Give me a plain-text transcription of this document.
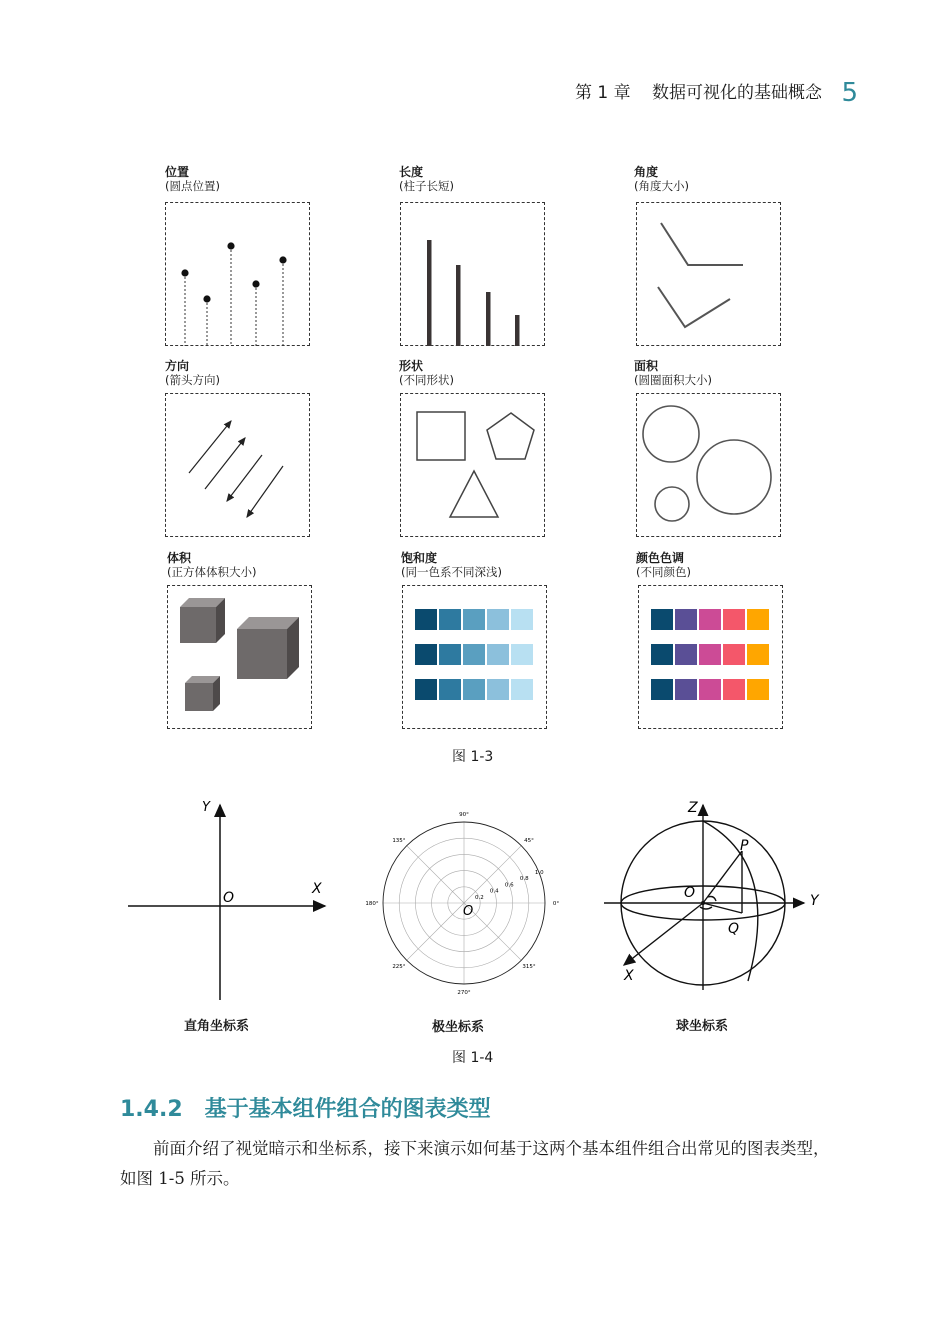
第 1 章 数据可视化的基础概念 5
位置
(圆点位置)
长度
(柱子长短)
角度
(角度大小)
方向
(箭头方向)
形状
(不同形状)
面积
(圆圈面积大小)
体积
(正方体体积大小)
饱和度
(同一色系不同深浅)
颜色色调
(不同颜色)
图 1-3
Y
X
O
直角坐标系
O	0°
45°
90°
135°
180°
225°
270°
315°
0.2
0.4
0.6
0.8
1.0
极坐标系
Z
Y
X
O
P
Q
球坐标系
图 1-4
1.4.2 基于基本组件组合的图表类型
前面介绍了视觉暗示和坐标系，接下来演示如何基于这两个基本组件组合出常见的图表类型，如图 1-5 所示。
